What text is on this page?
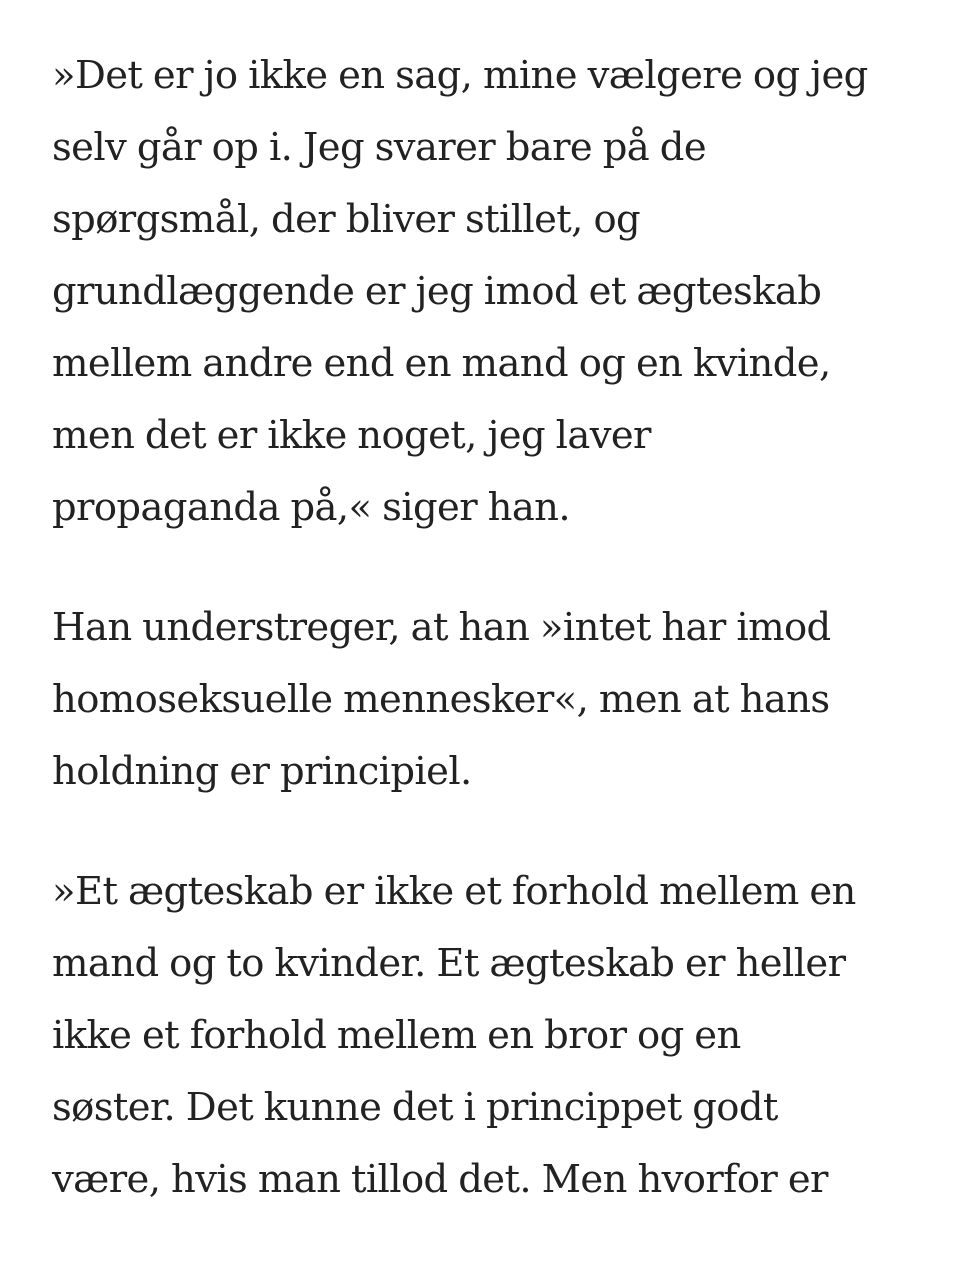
»Det er jo ikke en sag, mine vælgere og jeg
selv går op i. Jeg svarer bare på de
spørgsmål, der bliver stillet, og
grundlæggende er jeg imod et ægteskab
mellem andre end en mand og en kvinde,
men det er ikke noget, jeg laver
propaganda på,« siger han.

Han understreger, at han »intet har imod
homoseksuelle mennesker«, men at hans
holdning er principiel.

»Et ægteskab er ikke et forhold mellem en
mand og to kvinder. Et ægteskab er heller
ikke et forhold mellem en bror og en
søster. Det kunne det i princippet godt
være, hvis man tillod det. Men hvorfor er
